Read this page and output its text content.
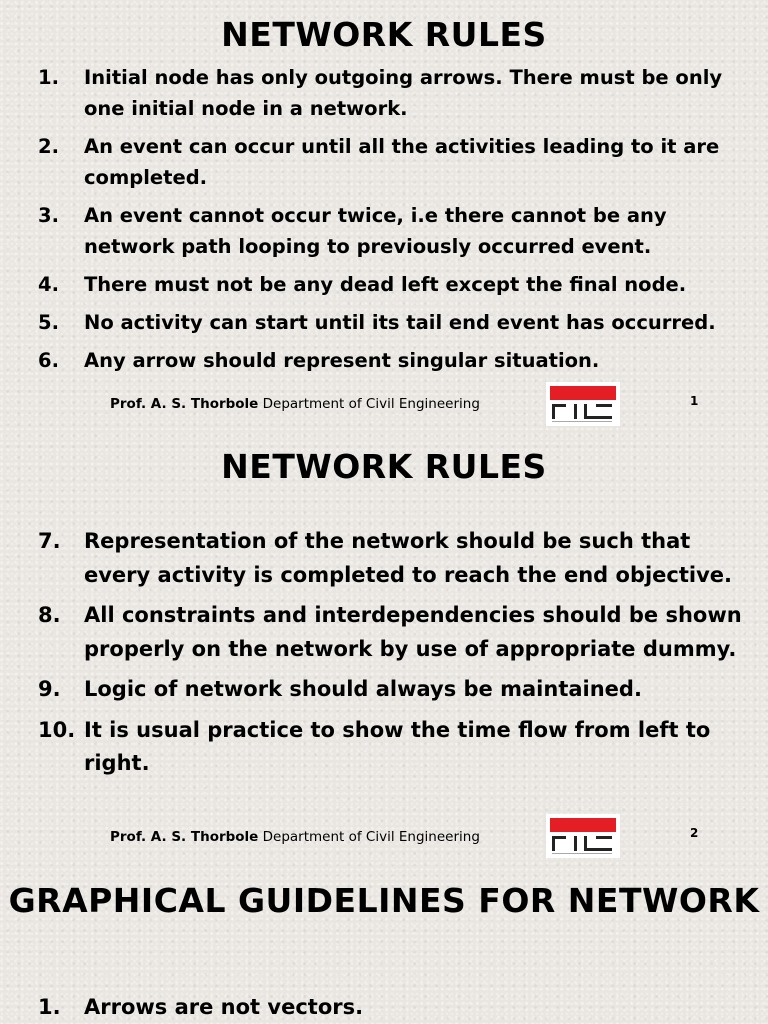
NETWORK RULES
1. Initial node has only outgoing arrows. There must be only one initial node in a network.
2. An event can occur until all the activities leading to it are completed.
3. An event cannot occur twice, i.e there cannot be any network path looping to previously occurred event.
4. There must not be any dead left except the final node.
5. No activity can start until its tail end event has occurred.
6. Any arrow should represent singular situation.
Prof. A. S. Thorbole Department of Civil Engineering	1
NETWORK RULES
7. Representation of the network should be such that every activity is completed to reach the end objective.
8. All constraints and interdependencies should be shown properly on the network by use of appropriate dummy.
9. Logic of network should always be maintained.
10. It is usual practice to show the time flow from left to right.
Prof. A. S. Thorbole Department of Civil Engineering	2
GRAPHICAL GUIDELINES FOR NETWORK
1. Arrows are not vectors.
